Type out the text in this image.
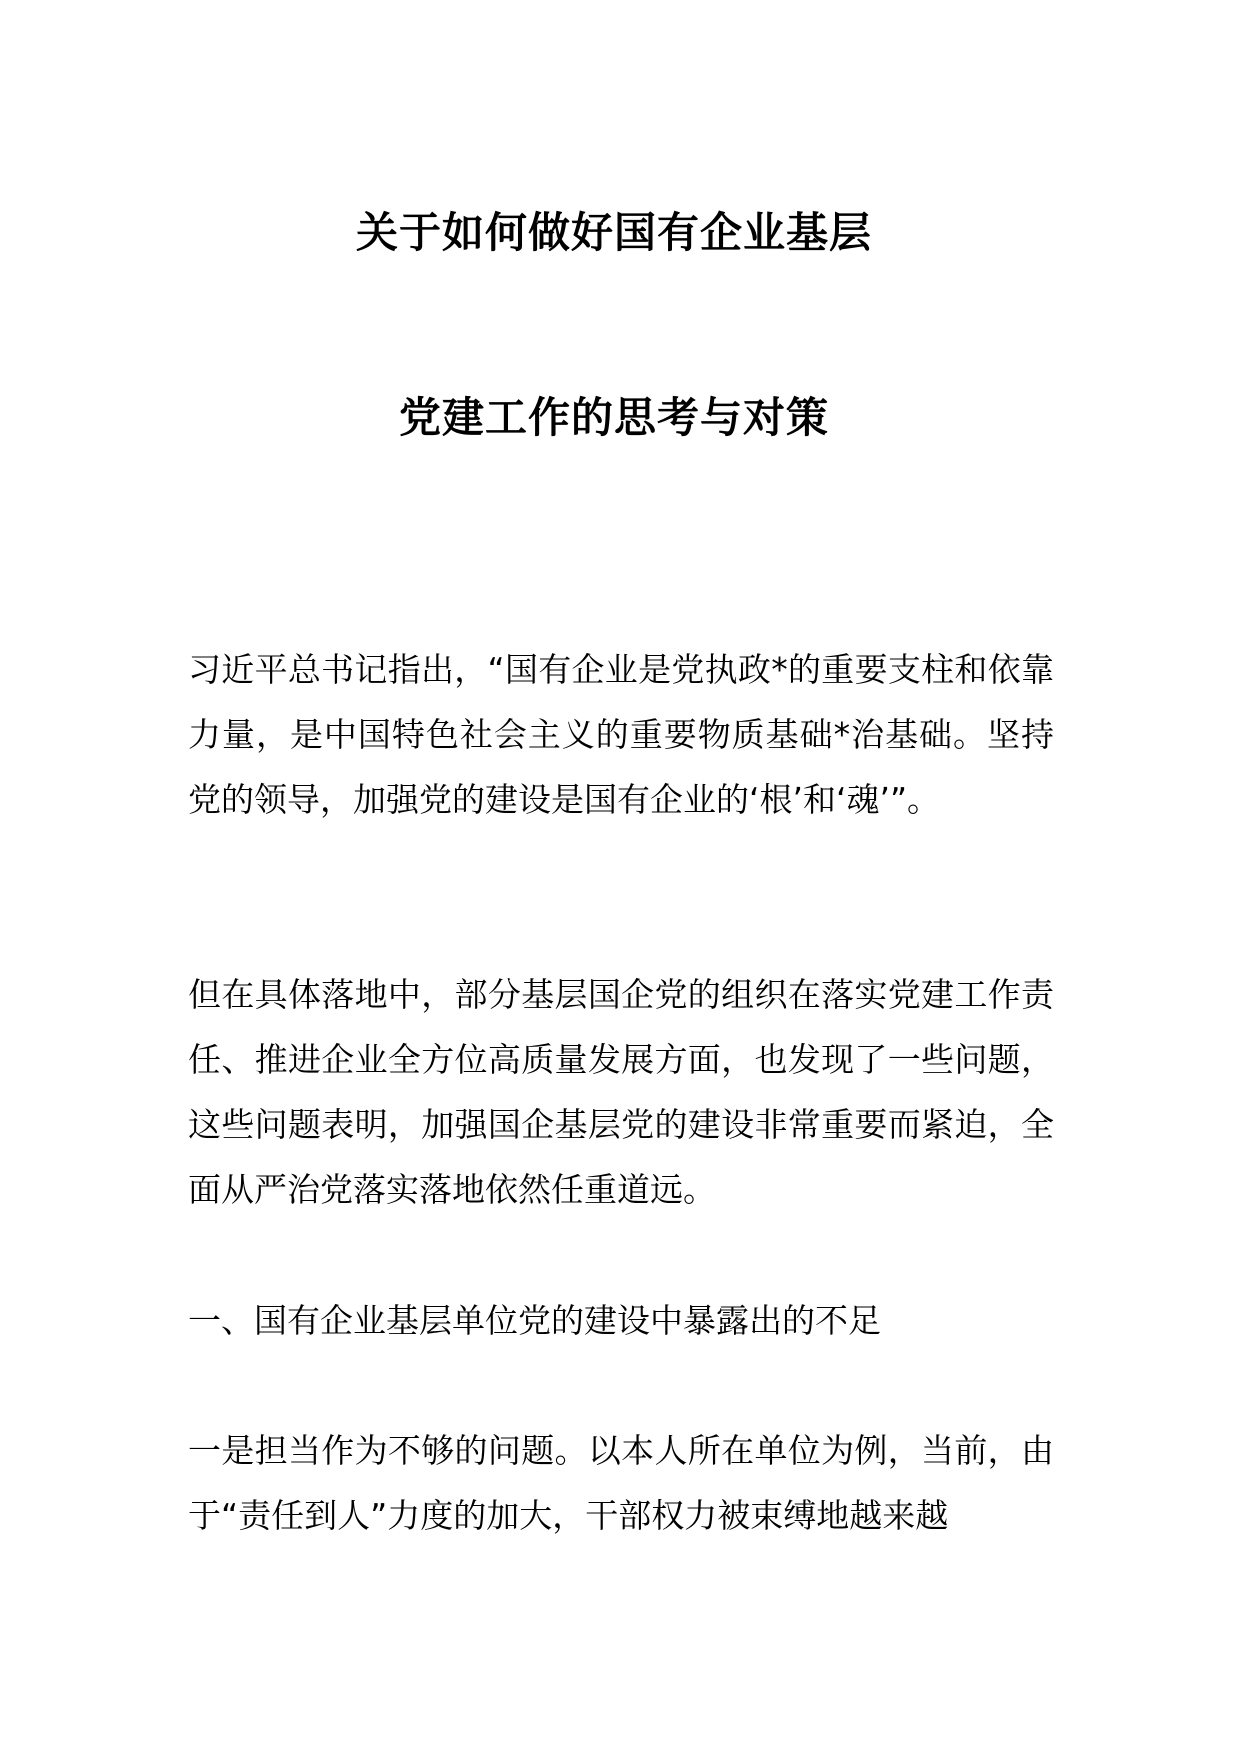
关于如何做好国有企业基层
党建工作的思考与对策

习近平总书记指出，“国有企业是党执政*的重要支柱和依靠力量，是中国特色社会主义的重要物质基础*治基础。坚持党的领导，加强党的建设是国有企业的‘根’和‘魂’”。

但在具体落地中，部分基层国企党的组织在落实党建工作责任、推进企业全方位高质量发展方面，也发现了一些问题，这些问题表明，加强国企基层党的建设非常重要而紧迫，全面从严治党落实落地依然任重道远。

一、国有企业基层单位党的建设中暴露出的不足

一是担当作为不够的问题。以本人所在单位为例，当前，由于“责任到人”力度的加大，干部权力被束缚地越来越
